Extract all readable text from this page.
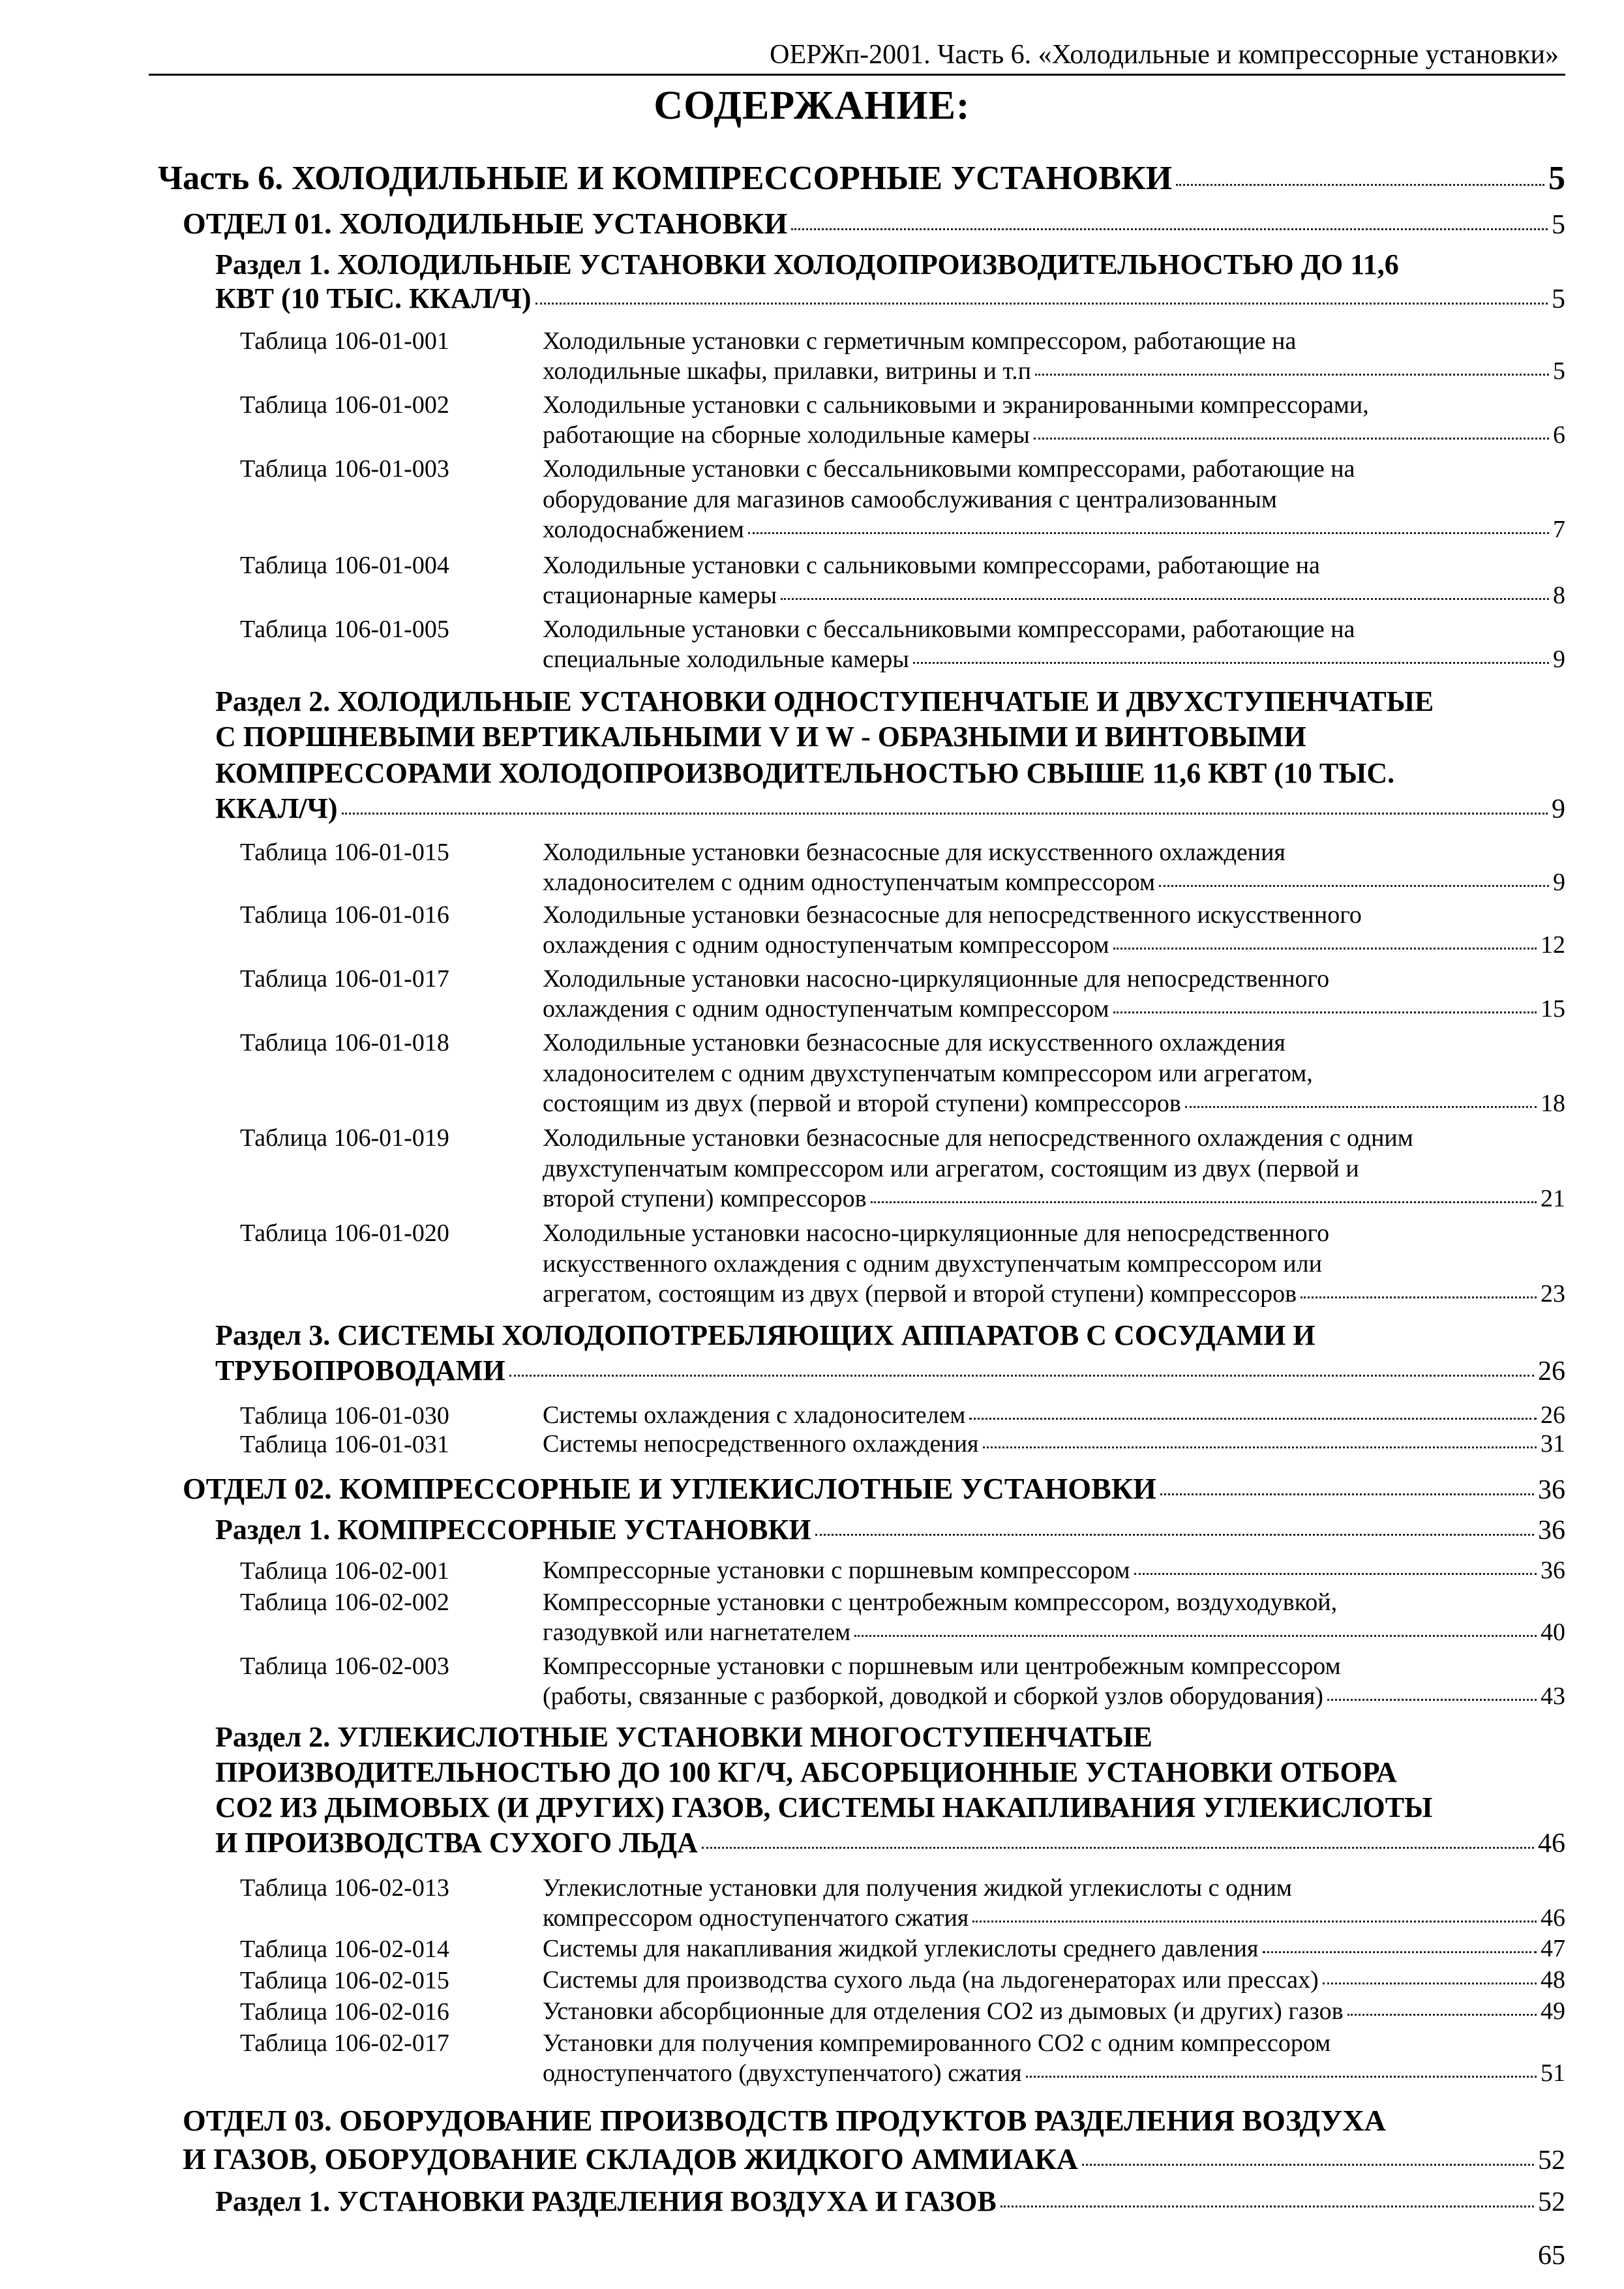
ОЕРЖп-2001. Часть 6. «Холодильные и компрессорные установки»
СОДЕРЖАНИЕ:
Часть 6. ХОЛОДИЛЬНЫЕ И КОМПРЕССОРНЫЕ УСТАНОВКИ	5
ОТДЕЛ 01. ХОЛОДИЛЬНЫЕ УСТАНОВКИ	5
Раздел 1. ХОЛОДИЛЬНЫЕ УСТАНОВКИ ХОЛОДОПРОИЗВОДИТЕЛЬНОСТЬЮ ДО 11,6
КВТ (10 ТЫС. ККАЛ/Ч)	5
Таблица 106-01-001	Холодильные установки с герметичным компрессором, работающие на
холодильные шкафы, прилавки, витрины и т.п	5
Таблица 106-01-002	Холодильные установки с сальниковыми и экранированными компрессорами,
работающие на сборные холодильные камеры	6
Таблица 106-01-003	Холодильные установки с бессальниковыми компрессорами, работающие на
оборудование для магазинов самообслуживания с централизованным
холодоснабжением	7
Таблица 106-01-004	Холодильные установки с сальниковыми компрессорами, работающие на
стационарные камеры	8
Таблица 106-01-005	Холодильные установки с бессальниковыми компрессорами, работающие на
специальные холодильные камеры	9
Раздел 2. ХОЛОДИЛЬНЫЕ УСТАНОВКИ ОДНОСТУПЕНЧАТЫЕ И ДВУХСТУПЕНЧАТЫЕ
С ПОРШНЕВЫМИ ВЕРТИКАЛЬНЫМИ V И W - ОБРАЗНЫМИ И ВИНТОВЫМИ
КОМПРЕССОРАМИ ХОЛОДОПРОИЗВОДИТЕЛЬНОСТЬЮ СВЫШЕ 11,6 КВТ (10 ТЫС.
ККАЛ/Ч)	9
Таблица 106-01-015	Холодильные установки безнасосные для искусственного охлаждения
хладоносителем с одним одноступенчатым компрессором	9
Таблица 106-01-016	Холодильные установки безнасосные для непосредственного искусственного
охлаждения с одним одноступенчатым компрессором	12
Таблица 106-01-017	Холодильные установки насосно-циркуляционные для непосредственного
охлаждения с одним одноступенчатым компрессором	15
Таблица 106-01-018	Холодильные установки безнасосные для искусственного охлаждения
хладоносителем с одним двухступенчатым компрессором или агрегатом,
состоящим из двух (первой и второй ступени) компрессоров	18
Таблица 106-01-019	Холодильные установки безнасосные для непосредственного охлаждения с одним
двухступенчатым компрессором или агрегатом, состоящим из двух (первой и
второй ступени) компрессоров	21
Таблица 106-01-020	Холодильные установки насосно-циркуляционные для непосредственного
искусственного охлаждения с одним двухступенчатым компрессором или
агрегатом, состоящим из двух (первой и второй ступени) компрессоров	23
Раздел 3. СИСТЕМЫ ХОЛОДОПОТРЕБЛЯЮЩИХ АППАРАТОВ С СОСУДАМИ И
ТРУБОПРОВОДАМИ	26
Таблица 106-01-030	Системы охлаждения с хладоносителем	26
Таблица 106-01-031	Системы непосредственного охлаждения	31
ОТДЕЛ 02. КОМПРЕССОРНЫЕ И УГЛЕКИСЛОТНЫЕ УСТАНОВКИ	36
Раздел 1. КОМПРЕССОРНЫЕ УСТАНОВКИ	36
Таблица 106-02-001	Компрессорные установки с поршневым компрессором	36
Таблица 106-02-002	Компрессорные установки с центробежным компрессором, воздуходувкой,
газодувкой или нагнетателем	40
Таблица 106-02-003	Компрессорные установки с поршневым или центробежным компрессором
(работы, связанные с разборкой, доводкой и сборкой узлов оборудования)	43
Раздел 2. УГЛЕКИСЛОТНЫЕ УСТАНОВКИ МНОГОСТУПЕНЧАТЫЕ
ПРОИЗВОДИТЕЛЬНОСТЬЮ ДО 100 КГ/Ч, АБСОРБЦИОННЫЕ УСТАНОВКИ ОТБОРА
СО2 ИЗ ДЫМОВЫХ (И ДРУГИХ) ГАЗОВ, СИСТЕМЫ НАКАПЛИВАНИЯ УГЛЕКИСЛОТЫ
И ПРОИЗВОДСТВА СУХОГО ЛЬДА	46
Таблица 106-02-013	Углекислотные установки для получения жидкой углекислоты с одним
компрессором одноступенчатого сжатия	46
Таблица 106-02-014	Системы для накапливания жидкой углекислоты среднего давления	47
Таблица 106-02-015	Системы для производства сухого льда (на льдогенераторах или прессах)	48
Таблица 106-02-016	Установки абсорбционные для отделения СО2 из дымовых (и других) газов	49
Таблица 106-02-017	Установки для получения компремированного СО2 с одним компрессором
одноступенчатого (двухступенчатого) сжатия	51
ОТДЕЛ 03. ОБОРУДОВАНИЕ ПРОИЗВОДСТВ ПРОДУКТОВ РАЗДЕЛЕНИЯ ВОЗДУХА
И ГАЗОВ, ОБОРУДОВАНИЕ СКЛАДОВ ЖИДКОГО АММИАКА	52
Раздел 1. УСТАНОВКИ РАЗДЕЛЕНИЯ ВОЗДУХА И ГАЗОВ	52
65
